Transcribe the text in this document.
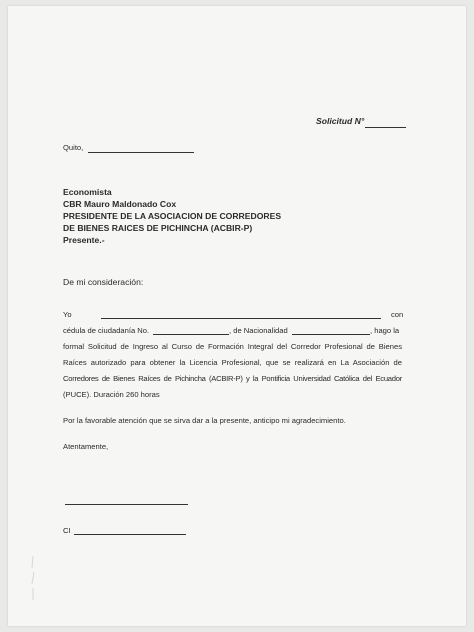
Solicitud N°
Quito,
Economista
CBR Mauro Maldonado Cox
PRESIDENTE DE LA ASOCIACION DE CORREDORES
DE BIENES RAICES DE PICHINCHA (ACBIR-P)
Presente.-
De mi consideración:
Yo	con
cédula de ciudadanía No.	, de Nacionalidad	, hago la
formal Solicitud de Ingreso al Curso de Formación Integral del Corredor Profesional de Bienes
Raíces autorizado para obtener la Licencia Profesional, que se realizará en La Asociación de
Corredores de Bienes Raíces de Pichincha (ACBIR-P) y la Pontificia Universidad Católica del Ecuador
(PUCE). Duración 260 horas
Por la favorable atención que se sirva dar a la presente, anticipo mi agradecimiento.
Atentamente,
CI
